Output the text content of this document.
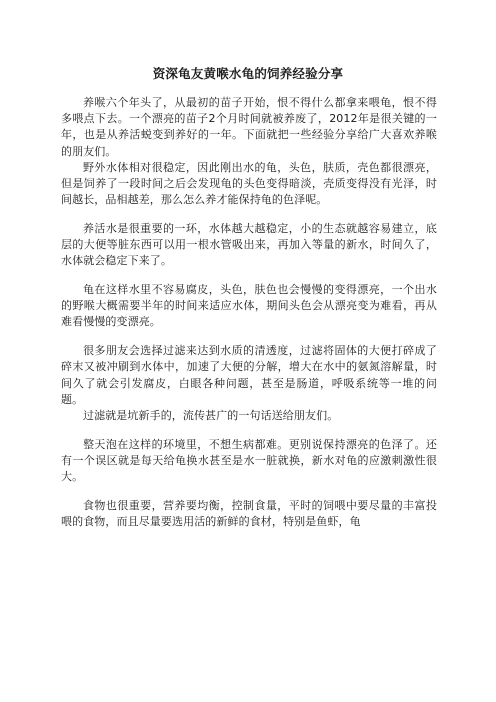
资深龟友黄喉水龟的饲养经验分享

养喉六个年头了，从最初的苗子开始，恨不得什么都拿来喂龟，恨不得多喂点下去。一个漂亮的苗子2个月时间就被养废了，2012年是很关键的一年，也是从养活蜕变到养好的一年。下面就把一些经验分享给广大喜欢养喉的朋友们。

野外水体相对很稳定，因此刚出水的龟，头色，肤质，壳色都很漂亮，但是饲养了一段时间之后会发现龟的头色变得暗淡，壳质变得没有光泽，时间越长，品相越差，那么怎么养才能保持龟的色泽呢。

养活水是很重要的一环，水体越大越稳定，小的生态就越容易建立，底层的大便等脏东西可以用一根水管吸出来，再加入等量的新水，时间久了，水体就会稳定下来了。

龟在这样水里不容易腐皮，头色，肤色也会慢慢的变得漂亮，一个出水的野喉大概需要半年的时间来适应水体，期间头色会从漂亮变为难看，再从难看慢慢的变漂亮。

很多朋友会选择过滤来达到水质的清透度，过滤将固体的大便打碎成了碎末又被冲刷到水体中，加速了大便的分解，增大在水中的氨氮溶解量，时间久了就会引发腐皮，白眼各种问题，甚至是肠道，呼吸系统等一堆的问题。

过滤就是坑新手的，流传甚广的一句话送给朋友们。

整天泡在这样的环境里，不想生病都难。更别说保持漂亮的色泽了。还有一个误区就是每天给龟换水甚至是水一脏就换，新水对龟的应激刺激性很大。

食物也很重要，营养要均衡，控制食量，平时的饲喂中要尽量的丰富投喂的食物，而且尽量要选用活的新鲜的食材，特别是鱼虾，龟
